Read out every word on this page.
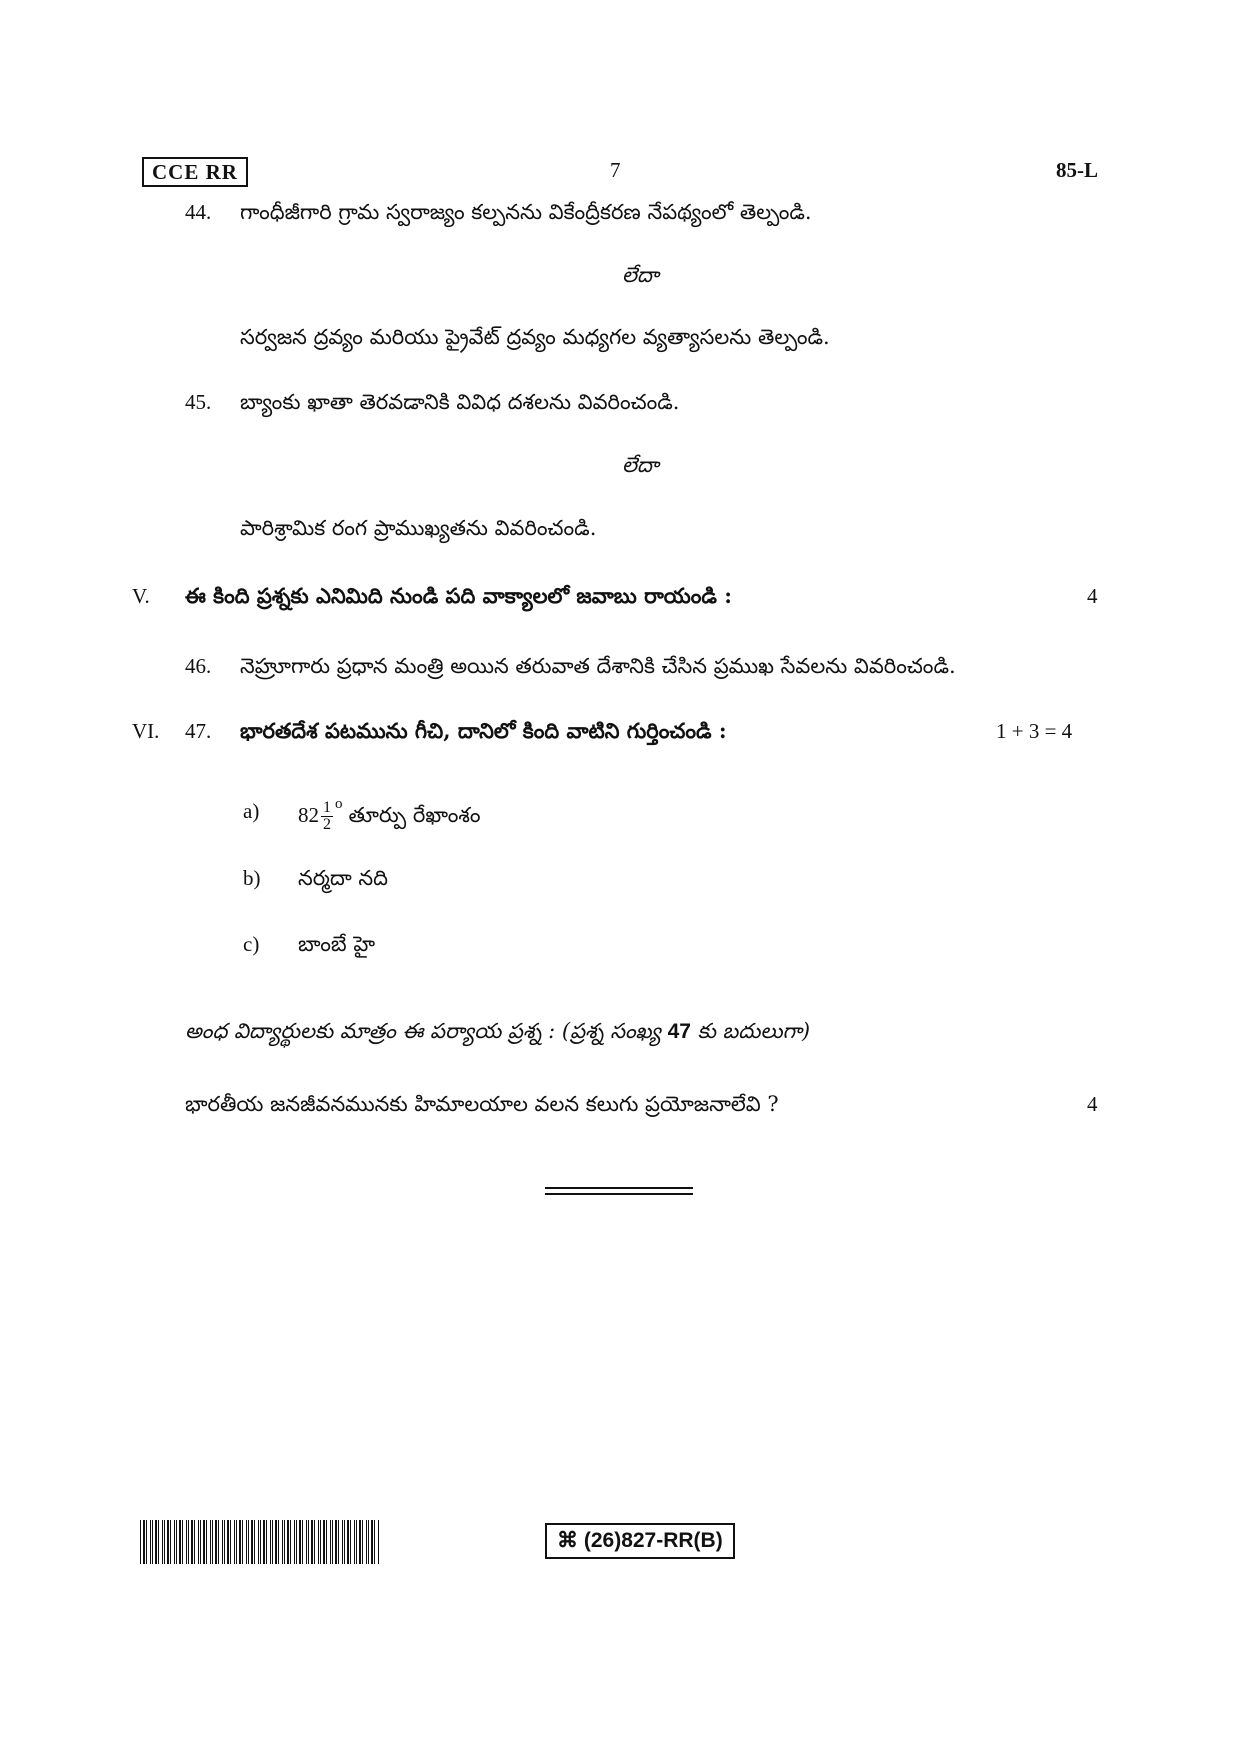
CCE RR	7	85-L
44. గాంధీజీగారి గ్రామ స్వరాజ్యం కల్పనను వికేంద్రీకరణ నేపథ్యంలో తెల్పండి.
లేదా
సర్వజన ద్రవ్యం మరియు ప్రైవేట్ ద్రవ్యం మధ్యగల వ్యత్యాసలను తెల్పండి.
45. బ్యాంకు ఖాతా తెరవడానికి వివిధ దశలను వివరించండి.
లేదా
పారిశ్రామిక రంగ ప్రాముఖ్యతను వివరించండి.
V. ఈ కింది ప్రశ్నకు ఎనిమిది నుండి పది వాక్యాలలో జవాబు రాయండి :	4
46. నెహ్రూగారు ప్రధాన మంత్రి అయిన తరువాత దేశానికి చేసిన ప్రముఖ సేవలను వివరించండి.
VI. 47. భారతదేశ పటమును గీచి, దానిలో కింది వాటిని గుర్తించండి :	1 + 3 = 4
a) $82 \frac{1}{2} ^o$ తూర్పు రేఖాంశం
b) నర్మదా నది
c) బాంబే హై
అంధ విద్యార్థులకు మాత్రం ఈ పర్యాయ ప్రశ్న : (ప్రశ్న సంఖ్య 47 కు బదులుగా)
భారతీయ జనజీవనమునకు హిమాలయాల వలన కలుగు ప్రయోజనాలేవి ?	4
⌘ (26)827-RR(B)
